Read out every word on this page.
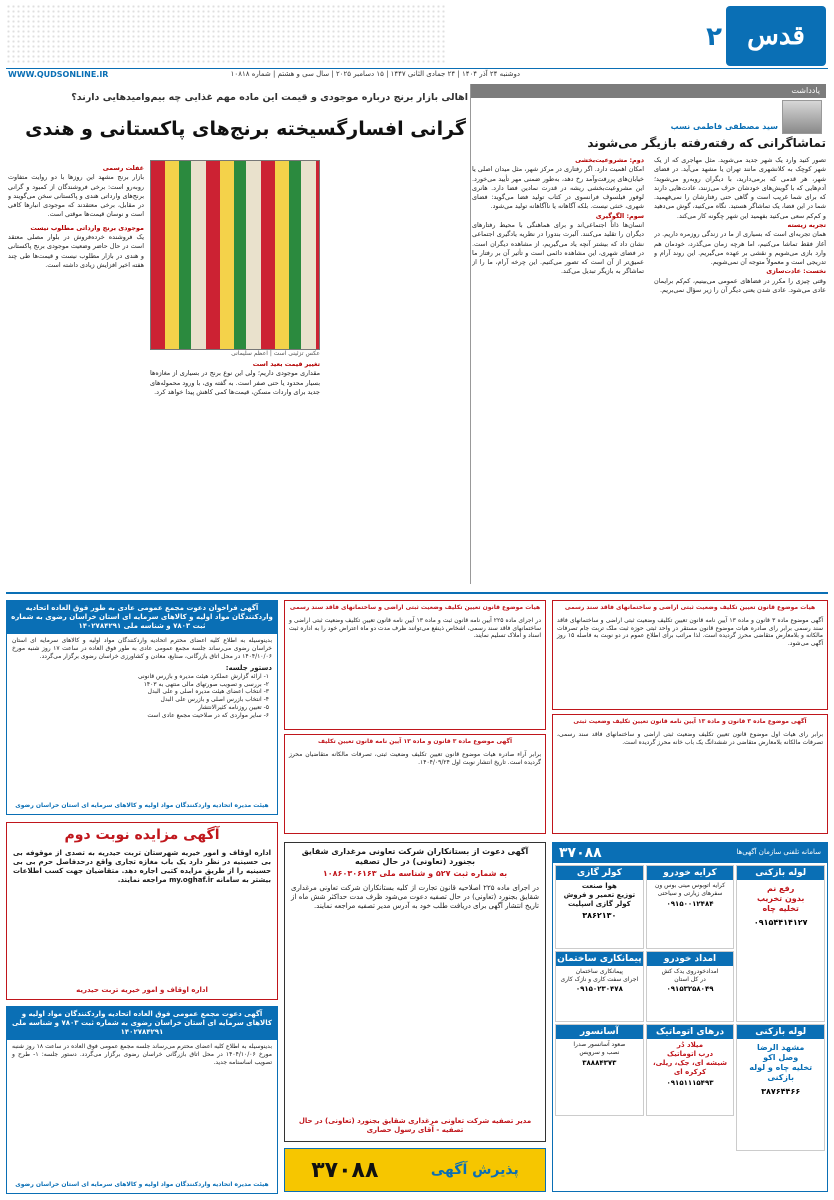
قدس
۲
WWW.QUDSONLINE.IR	دوشنبه ۲۴ آذر ۱۴۰۴ | ۲۴ جمادی الثانی ۱۴۴۷ | ۱۵ دسامبر ۲۰۲۵ | سال سی و هشتم | شماره ۱۰۸۱۸
یادداشت
سید مصطفی فاطمی نسب
تماشاگرانی که رفته‌رفته بازیگر می‌شوند

تصور کنید وارد یک شهر جدید می‌شوید. مثل مهاجری که از یک شهر کوچک به کلانشهری مانند تهران یا مشهد می‌آید. در فضای شهر، هر قدمی که برمی‌دارید، با دیگران روبه‌رو می‌شوید؛ آدم‌هایی که با گویش‌های خودشان حرف می‌زنند، عادت‌هایی دارند که برای شما غریب است و گاهی حتی رفتارشان را نمی‌فهمید. شما در این فضا، یک تماشاگر هستید. نگاه می‌کنید، گوش می‌دهید و کم‌کم سعی می‌کنید بفهمید این شهر چگونه کار می‌کند.

تجربه زیسته

همان تجربه‌ای است که بسیاری از ما در زندگی روزمره داریم. در آغاز فقط تماشا می‌کنیم، اما هرچه زمان می‌گذرد، خودمان هم وارد بازی می‌شویم و نقشی بر عهده می‌گیریم. این روند آرام و تدریجی است و معمولاً متوجه آن نمی‌شویم.

نخست: عادت‌سازی

وقتی چیزی را مکرر در فضاهای عمومی می‌بینیم، کم‌کم برایمان عادی می‌شود. عادی شدن یعنی دیگر آن را زیر سؤال نمی‌بریم.

دوم: مشروعیت‌بخشی

امکان اهمیت دارد. اگر رفتاری در مرکز شهر، مثل میدان اصلی یا خیابان‌های پررفت‌وآمد رخ دهد، به‌طور ضمنی مهر تأیید می‌خورد. این مشروعیت‌بخشی ریشه در قدرت نمادین فضا دارد. هانری لوفور فیلسوف فرانسوی در کتاب تولید فضا می‌گوید: فضای شهری، خنثی نیست. بلکه آگاهانه یا ناآگاهانه تولید می‌شود.

سوم: الگوگیری

انسان‌ها ذاتاً اجتماعی‌اند و برای هماهنگی با محیط رفتارهای دیگران را تقلید می‌کنند. آلبرت بندورا در نظریه یادگیری اجتماعی نشان داد که بیشتر آنچه یاد می‌گیریم، از مشاهده دیگران است. در فضای شهری، این مشاهده دائمی است و تأثیر آن بر رفتار ما عمیق‌تر از آن است که تصور می‌کنیم. این چرخه آرام، ما را از تماشاگر به بازیگر تبدیل می‌کند.

اهالی بازار برنج درباره موجودی و قیمت این ماده مهم غذایی چه بیم‌وامیدهایی دارند؟
گرانی افسارگسیخته برنج‌های پاکستانی و هندی

عکس تزئینی است | اعظم سلیمانی

تغییر قیمت بعید است

مقداری موجودی داریم؛ ولی این نوع برنج در بسیاری از مغازه‌ها بسیار محدود یا حتی صفر است. به گفته وی، با ورود محموله‌های جدید برای واردات مسکن، قیمت‌ها کمی کاهش پیدا خواهد کرد.

غفلت رسمی

بازار برنج مشهد این روزها با دو روایت متفاوت روبه‌رو است: برخی فروشندگان از کمبود و گرانی برنج‌های وارداتی هندی و پاکستانی سخن می‌گویند و در مقابل، برخی معتقدند که موجودی انبارها کافی است و نوسان قیمت‌ها موقتی است.

موجودی برنج وارداتی مطلوب نیست

یک فروشنده خرده‌فروش در بلوار مصلی معتقد است در حال حاضر وضعیت موجودی برنج پاکستانی و هندی در بازار مطلوب نیست و قیمت‌ها طی چند هفته اخیر افزایش زیادی داشته است.

آگهی فراخوان دعوت مجمع عمومی عادی به طور فوق العاده اتحادیه واردکنندگان مواد اولیه و کالاهای سرمایه ای استان خراسان رضوی به شماره ثبت ۷۸۰۳ و شناسه ملی ۱۴۰۲۷۸۴۲۹۱
بدینوسیله به اطلاع کلیه اعضای محترم اتحادیه واردکنندگان مواد اولیه و کالاهای سرمایه ای استان خراسان رضوی می‌رساند جلسه مجمع عمومی عادی به طور فوق العاده در ساعت ۱۷ روز شنبه مورخ ۱۴۰۴/۱۰/۰۶ در محل اتاق بازرگانی، صنایع، معادن و کشاورزی خراسان رضوی برگزار می‌گردد.
دستور جلسه:
۱- ارائه گزارش عملکرد هیئت مدیره و بازرس قانونی
۲- بررسی و تصویب صورتهای مالی منتهی به ۱۴۰۳
۳- انتخاب اعضای هیئت مدیره اصلی و علی البدل
۴- انتخاب بازرس اصلی و بازرس علی البدل
۵- تعیین روزنامه کثیرالانتشار
۶- سایر مواردی که در صلاحیت مجمع عادی است
هیئت مدیره اتحادیه واردکنندگان مواد اولیه و کالاهای سرمایه ای استان خراسان رضوی
هیات موضوع قانون تعیین تکلیف وضعیت ثبتی اراضی و ساختمانهای فاقد سند رسمی
در اجرای ماده ۲۲۵ آیین نامه قانون ثبت و ماده ۱۳ آیین نامه قانون تعیین تکلیف وضعیت ثبتی اراضی و ساختمانهای فاقد سند رسمی، اشخاص ذینفع می‌توانند ظرف مدت دو ماه اعتراض خود را به اداره ثبت اسناد و املاک تسلیم نمایند.
آگهی موضوع ماده ۳ قانون و ماده ۱۳ آیین نامه قانون تعیین تکلیف
برابر آراء صادره هیات موضوع قانون تعیین تکلیف وضعیت ثبتی، تصرفات مالکانه متقاضیان محرز گردیده است. تاریخ انتشار نوبت اول ۱۴۰۴/۰۹/۲۴.
هیات موضوع قانون تعیین تکلیف وضعیت ثبتی اراضی و ساختمانهای فاقد سند رسمی
آگهی موضوع ماده ۳ قانون و ماده ۱۳ آیین نامه قانون تعیین تکلیف وضعیت ثبتی اراضی و ساختمانهای فاقد سند رسمی برابر رای صادره هیات موضوع قانون مستقر در واحد ثبتی حوزه ثبت ملک تربت جام تصرفات مالکانه و بلامعارض متقاضی محرز گردیده است. لذا مراتب برای اطلاع عموم در دو نوبت به فاصله ۱۵ روز آگهی می‌شود.
آگهی موضوع ماده ۳ قانون و ماده ۱۳ آیین نامه قانون تعیین تکلیف وضعیت ثبتی
برابر رای هیات اول موضوع قانون تعیین تکلیف وضعیت ثبتی اراضی و ساختمانهای فاقد سند رسمی، تصرفات مالکانه بلامعارض متقاضی در ششدانگ یک باب خانه محرز گردیده است.
آگهی مزایده نوبت دوم
اداره اوقاف و امور خیریه شهرستان تربت حیدریه به تصدی از موقوفه بی بی حسینیه در نظر دارد یک باب مغازه تجاری واقع درحدفاصل حرم بی بی حسینیه را از طریق مزایده کتبی اجاره دهد. متقاضیان جهت کسب اطلاعات بیشتر به سامانه my.oghaf.ir مراجعه نمایند.
اداره اوقاف و امور خیریه تربت حیدریه
آگهی دعوت مجمع عمومی فوق العاده اتحادیه واردکنندگان مواد اولیه و کالاهای سرمایه ای استان خراسان رضوی به شماره ثبت ۷۸۰۳ و شناسه ملی ۱۴۰۲۷۸۴۲۹۱
بدینوسیله به اطلاع کلیه اعضای محترم می‌رساند جلسه مجمع عمومی فوق العاده در ساعت ۱۸ روز شنبه مورخ ۱۴۰۴/۱۰/۰۶ در محل اتاق بازرگانی خراسان رضوی برگزار می‌گردد. دستور جلسه: ۱- طرح و تصویب اساسنامه جدید.
هیئت مدیره اتحادیه واردکنندگان مواد اولیه و کالاهای سرمایه ای استان خراسان رضوی
آگهی دعوت از بستانکاران شرکت تعاونی مرغداری شقایق بجنورد (تعاونی) در حال تصفیه
به شماره ثبت ۵۲۷ و شناسه ملی ۱۰۸۶۰۳۰۶۱۶۳
در اجرای ماده ۲۲۵ اصلاحیه قانون تجارت از کلیه بستانکاران شرکت تعاونی مرغداری شقایق بجنورد (تعاونی) در حال تصفیه دعوت می‌شود ظرف مدت حداکثر شش ماه از تاریخ انتشار آگهی برای دریافت طلب خود به آدرس مدیر تصفیه مراجعه نمایند.
مدیر تصفیه شرکت تعاونی مرغداری شقایق بجنورد (تعاونی) در حال تصفیه - آقای رسول حصاری
سامانه تلفنی سازمان آگهی‌ها
۳۷۰۸۸
لوله بازکنی
رفع نم
بدون تخریب
تخلیه چاه
۰۹۱۵۴۴۱۴۱۲۷
کرایه خودرو
کرایه اتوبوس مینی بوس ون
سفرهای زیارتی و سیاحتی
۰۹۱۵۰۰۱۲۴۸۴
کولر گازی
هوا صنعت
توزیع تعمیر و فروش
کولر گازی اسپلیت
۳۸۶۲۱۳۰
امداد خودرو
امدادخودروی یدک کش
در کل استان
۰۹۱۵۳۲۵۸۰۴۹
پیمانکاری ساختمان
پیمانکاری ساختمان
اجرای سفت کاری و نازک کاری
۰۹۱۵۰۲۳۰۴۷۸
لوله بازکنی
مشهد الرضا
وصل اکو
تخلیه چاه و لوله بازکنی
۳۸۷۶۴۴۶۶
درهای اتوماتیک
میلاد دُر
درب اتوماتیک
شیشه ای، جک، ریلی، کرکره ای
۰۹۱۵۱۱۱۵۴۹۳
آسانسور
صعود آسانسور صدرا
نصب و سرویس
۳۸۸۸۴۳۷۳
پذیرش آگهی
۳۷۰۸۸
